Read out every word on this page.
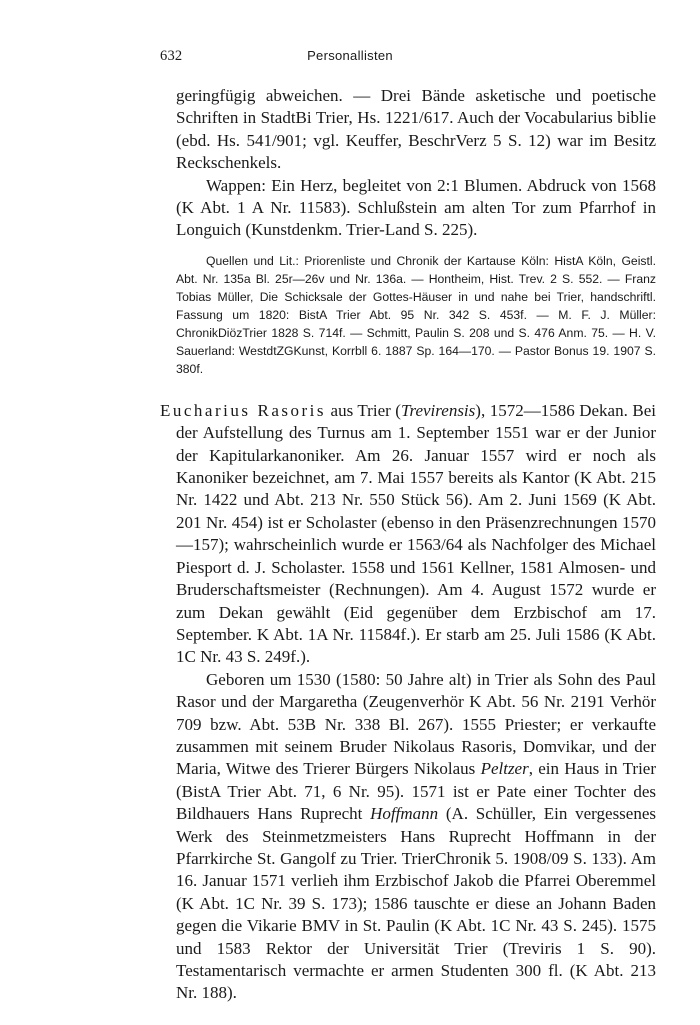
632	Personallisten

geringfügig abweichen. — Drei Bände asketische und poetische Schriften in StadtBi Trier, Hs. 1221/617. Auch der Vocabularius biblie (ebd. Hs. 541/901; vgl. Keuffer, BeschrVerz 5 S. 12) war im Besitz Reckschenkels.

Wappen: Ein Herz, begleitet von 2:1 Blumen. Abdruck von 1568 (K Abt. 1 A Nr. 11583). Schlußstein am alten Tor zum Pfarrhof in Longuich (Kunstdenkm. Trier-Land S. 225).

Quellen und Lit.: Priorenliste und Chronik der Kartause Köln: HistA Köln, Geistl. Abt. Nr. 135a Bl. 25r—26v und Nr. 136a. — Hontheim, Hist. Trev. 2 S. 552. — Franz Tobias Müller, Die Schicksale der Gottes-Häuser in und nahe bei Trier, handschriftl. Fassung um 1820: BistA Trier Abt. 95 Nr. 342 S. 453f. — M. F. J. Müller: ChronikDiözTrier 1828 S. 714f. — Schmitt, Paulin S. 208 und S. 476 Anm. 75. — H. V. Sauerland: WestdtZGKunst, Korrbll 6. 1887 Sp. 164—170. — Pastor Bonus 19. 1907 S. 380f.

Eucharius Rasoris aus Trier (Trevirensis), 1572—1586 Dekan. Bei der Aufstellung des Turnus am 1. September 1551 war er der Junior der Kapitularkanoniker. Am 26. Januar 1557 wird er noch als Kanoniker bezeichnet, am 7. Mai 1557 bereits als Kantor (K Abt. 215 Nr. 1422 und Abt. 213 Nr. 550 Stück 56). Am 2. Juni 1569 (K Abt. 201 Nr. 454) ist er Scholaster (ebenso in den Präsenzrechnungen 1570—157); wahrscheinlich wurde er 1563/64 als Nachfolger des Michael Piesport d. J. Scholaster. 1558 und 1561 Kellner, 1581 Almosen- und Bruderschaftsmeister (Rechnungen). Am 4. August 1572 wurde er zum Dekan gewählt (Eid gegenüber dem Erzbischof am 17. September. K Abt. 1A Nr. 11584f.). Er starb am 25. Juli 1586 (K Abt. 1C Nr. 43 S. 249f.).

Geboren um 1530 (1580: 50 Jahre alt) in Trier als Sohn des Paul Rasor und der Margaretha (Zeugenverhör K Abt. 56 Nr. 2191 Verhör 709 bzw. Abt. 53B Nr. 338 Bl. 267). 1555 Priester; er verkaufte zusammen mit seinem Bruder Nikolaus Rasoris, Domvikar, und der Maria, Witwe des Trierer Bürgers Nikolaus Peltzer, ein Haus in Trier (BistA Trier Abt. 71, 6 Nr. 95). 1571 ist er Pate einer Tochter des Bildhauers Hans Ruprecht Hoffmann (A. Schüller, Ein vergessenes Werk des Steinmetzmeisters Hans Ruprecht Hoffmann in der Pfarrkirche St. Gangolf zu Trier. TrierChronik 5. 1908/09 S. 133). Am 16. Januar 1571 verlieh ihm Erzbischof Jakob die Pfarrei Oberemmel (K Abt. 1C Nr. 39 S. 173); 1586 tauschte er diese an Johann Baden gegen die Vikarie BMV in St. Paulin (K Abt. 1C Nr. 43 S. 245). 1575 und 1583 Rektor der Universität Trier (Treviris 1 S. 90). Testamentarisch vermachte er armen Studenten 300 fl. (K Abt. 213 Nr. 188).
